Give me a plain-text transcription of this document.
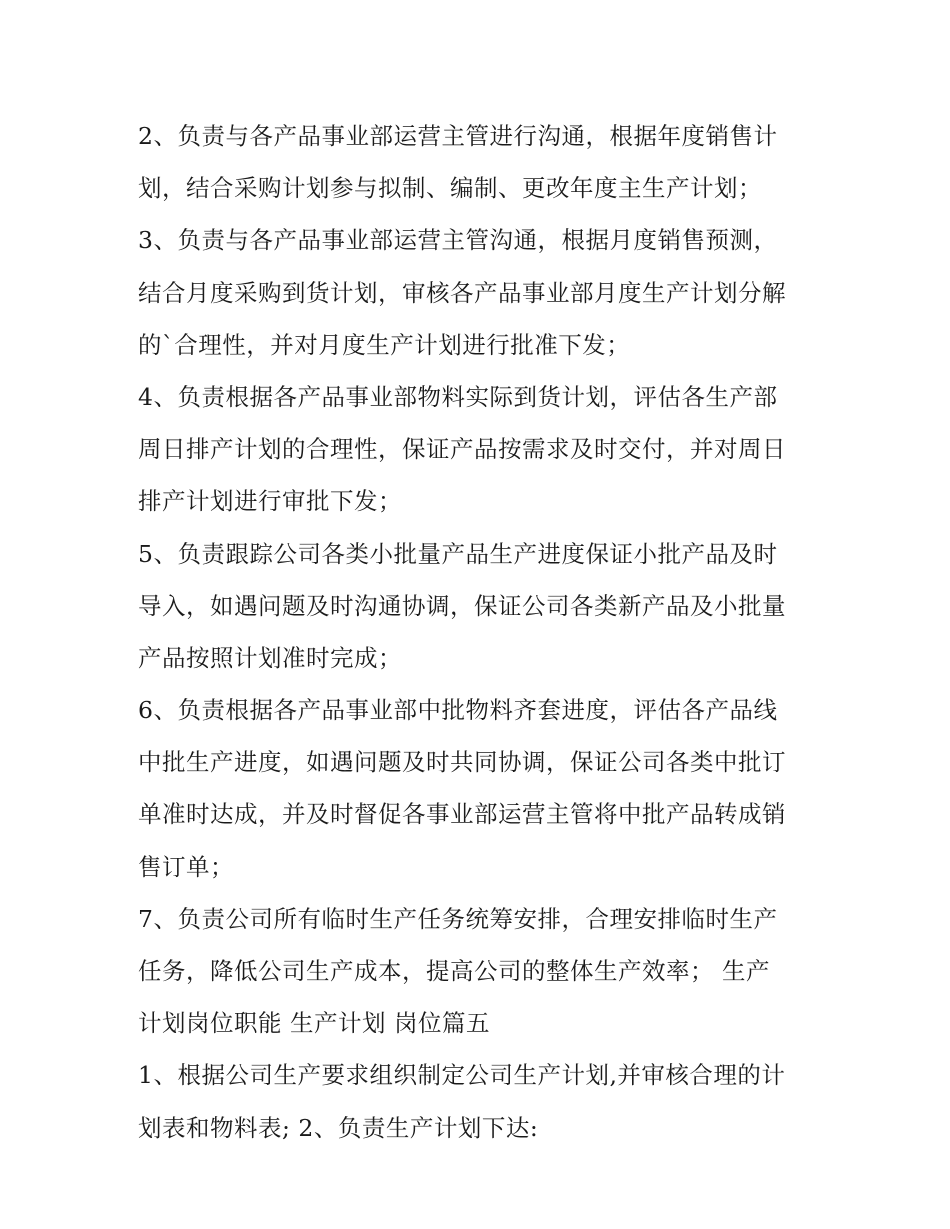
2、负责与各产品事业部运营主管进行沟通，根据年度销售计
划，结合采购计划参与拟制、编制、更改年度主生产计划；
3、负责与各产品事业部运营主管沟通，根据月度销售预测，
结合月度采购到货计划，审核各产品事业部月度生产计划分解
的`合理性，并对月度生产计划进行批准下发；
4、负责根据各产品事业部物料实际到货计划，评估各生产部
周日排产计划的合理性，保证产品按需求及时交付，并对周日
排产计划进行审批下发；
5、负责跟踪公司各类小批量产品生产进度保证小批产品及时
导入，如遇问题及时沟通协调，保证公司各类新产品及小批量
产品按照计划准时完成；
6、负责根据各产品事业部中批物料齐套进度，评估各产品线
中批生产进度，如遇问题及时共同协调，保证公司各类中批订
单准时达成，并及时督促各事业部运营主管将中批产品转成销
售订单；
7、负责公司所有临时生产任务统筹安排，合理安排临时生产
任务，降低公司生产成本，提高公司的整体生产效率； 生产
计划岗位职能 生产计划 岗位篇五
1、根据公司生产要求组织制定公司生产计划,并审核合理的计
划表和物料表; 2、负责生产计划下达:
